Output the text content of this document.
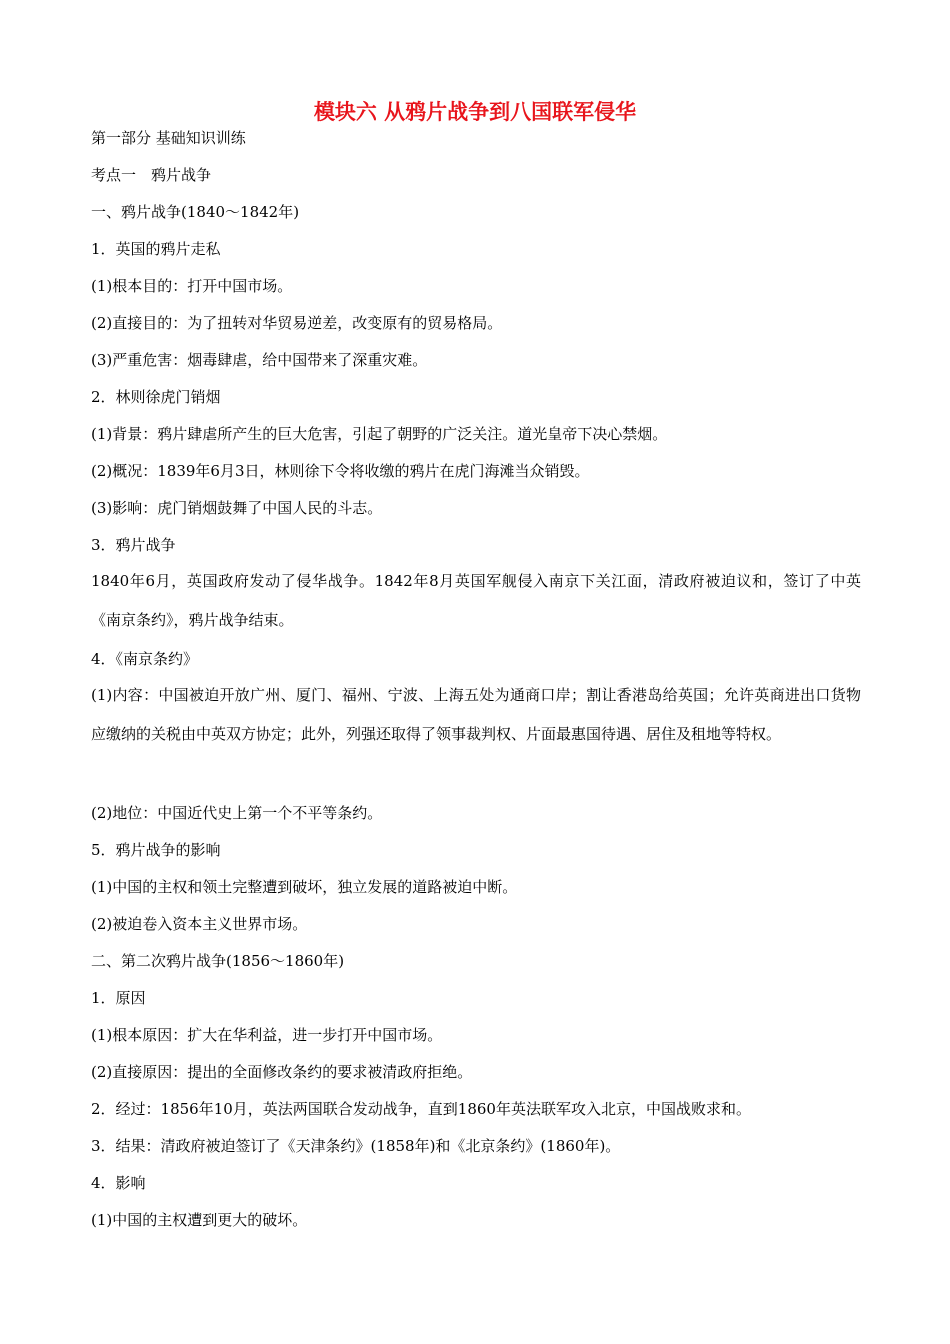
模块六 从鸦片战争到八国联军侵华
第一部分 基础知识训练
考点一　鸦片战争
一、鸦片战争(1840～1842年)
1．英国的鸦片走私
(1)根本目的：打开中国市场。
(2)直接目的：为了扭转对华贸易逆差，改变原有的贸易格局。
(3)严重危害：烟毒肆虐，给中国带来了深重灾难。
2．林则徐虎门销烟
(1)背景：鸦片肆虐所产生的巨大危害，引起了朝野的广泛关注。道光皇帝下决心禁烟。
(2)概况：1839年6月3日，林则徐下令将收缴的鸦片在虎门海滩当众销毁。
(3)影响：虎门销烟鼓舞了中国人民的斗志。
3．鸦片战争
1840年6月，英国政府发动了侵华战争。1842年8月英国军舰侵入南京下关江面，清政府被迫议和，签订了中英《南京条约》，鸦片战争结束。
4．《南京条约》
(1)内容：中国被迫开放广州、厦门、福州、宁波、上海五处为通商口岸；割让香港岛给英国；允许英商进出口货物应缴纳的关税由中英双方协定；此外，列强还取得了领事裁判权、片面最惠国待遇、居住及租地等特权。
(2)地位：中国近代史上第一个不平等条约。
5．鸦片战争的影响
(1)中国的主权和领土完整遭到破坏，独立发展的道路被迫中断。
(2)被迫卷入资本主义世界市场。
二、第二次鸦片战争(1856～1860年)
1．原因
(1)根本原因：扩大在华利益，进一步打开中国市场。
(2)直接原因：提出的全面修改条约的要求被清政府拒绝。
2．经过：1856年10月，英法两国联合发动战争，直到1860年英法联军攻入北京，中国战败求和。
3．结果：清政府被迫签订了《天津条约》(1858年)和《北京条约》(1860年)。
4．影响
(1)中国的主权遭到更大的破坏。
